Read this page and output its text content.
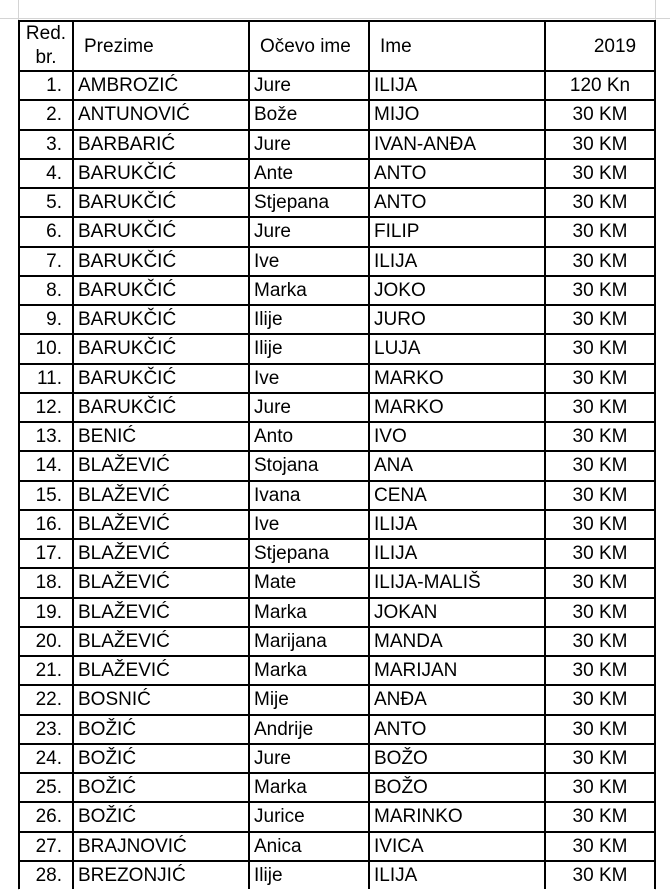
Red.
br.	Prezime	Očevo ime	Ime	2019
1.	AMBROZIĆ	Jure	ILIJA	120 Kn
2.	ANTUNOVIĆ	Bože	MIJO	30 KM
3.	BARBARIĆ	Jure	IVAN-ANĐA	30 KM
4.	BARUKČIĆ	Ante	ANTO	30 KM
5.	BARUKČIĆ	Stjepana	ANTO	30 KM
6.	BARUKČIĆ	Jure	FILIP	30 KM
7.	BARUKČIĆ	Ive	ILIJA	30 KM
8.	BARUKČIĆ	Marka	JOKO	30 KM
9.	BARUKČIĆ	Ilije	JURO	30 KM
10.	BARUKČIĆ	Ilije	LUJA	30 KM
11.	BARUKČIĆ	Ive	MARKO	30 KM
12.	BARUKČIĆ	Jure	MARKO	30 KM
13.	BENIĆ	Anto	IVO	30 KM
14.	BLAŽEVIĆ	Stojana	ANA	30 KM
15.	BLAŽEVIĆ	Ivana	CENA	30 KM
16.	BLAŽEVIĆ	Ive	ILIJA	30 KM
17.	BLAŽEVIĆ	Stjepana	ILIJA	30 KM
18.	BLAŽEVIĆ	Mate	ILIJA-MALIŠ	30 KM
19.	BLAŽEVIĆ	Marka	JOKAN	30 KM
20.	BLAŽEVIĆ	Marijana	MANDA	30 KM
21.	BLAŽEVIĆ	Marka	MARIJAN	30 KM
22.	BOSNIĆ	Mije	ANĐA	30 KM
23.	BOŽIĆ	Andrije	ANTO	30 KM
24.	BOŽIĆ	Jure	BOŽO	30 KM
25.	BOŽIĆ	Marka	BOŽO	30 KM
26.	BOŽIĆ	Jurice	MARINKO	30 KM
27.	BRAJNOVIĆ	Anica	IVICA	30 KM
28.	BREZONJIĆ	Ilije	ILIJA	30 KM
